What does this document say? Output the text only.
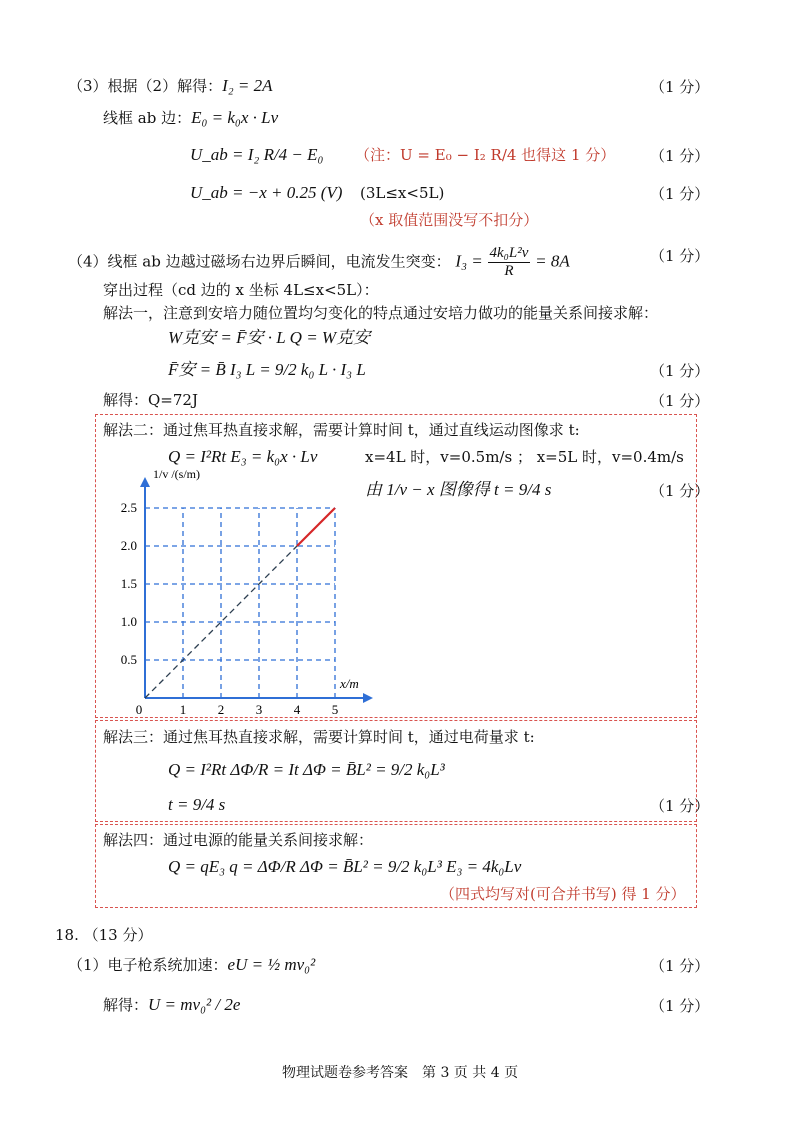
（3）根据（2）解得：I₂ = 2A	（1 分）
线框 ab 边：E₀ = k₀x · Lv
U_ab = I₂ R/4 − E₀ （注：U = E₀ − I₂ R/4 也得这 1 分） （1 分）
U_ab = −x + 0.25 (V) (3L≤x<5L)	（1 分）
（x 取值范围没写不扣分）
（4）线框 ab 边越过磁场右边界后瞬间，电流发生突变： $I_3 = \frac{\text{4k₀L²v}}{R} = 8A$	（1 分）
穿出过程（cd 边的 x 坐标 4L≤x<5L）：
解法一，注意到安培力随位置均匀变化的特点通过安培力做功的能量关系间接求解：
W克安 = F̄安 · L Q = W克安
F̄安 = B̄ I₃ L = 9/2 k₀ L · I₃ L	（1 分）
解得：Q=72J	（1 分）
解法二：通过焦耳热直接求解，需要计算时间 t，通过直线运动图像求 t:
Q = I²Rt E₃ = k₀x · Lv	x=4L 时，v=0.5m/s ； x=5L 时，v=0.4m/s
由 1/v − x 图像得 t = 9/4 s	（1 分）
0	1 2 3 4 5
0.5
1.0
1.5
2.0
2.5
1/v /(s/m)
x/m
解法三：通过焦耳热直接求解，需要计算时间 t，通过电荷量求 t:
Q = I²Rt ΔΦ/R = It ΔΦ = B̄L² = 9/2 k₀L³
t = 9/4 s	（1 分）
解法四：通过电源的能量关系间接求解：
Q = qE₃ q = ΔΦ/R ΔΦ = B̄L² = 9/2 k₀L³ E₃ = 4k₀Lv
（四式均写对(可合并书写) 得 1 分）
18. （13 分）
（1）电子枪系统加速：eU = ½ mv₀²	（1 分）
解得：U = mv₀² / 2e	（1 分）
物理试题卷参考答案　第 3 页 共 4 页
